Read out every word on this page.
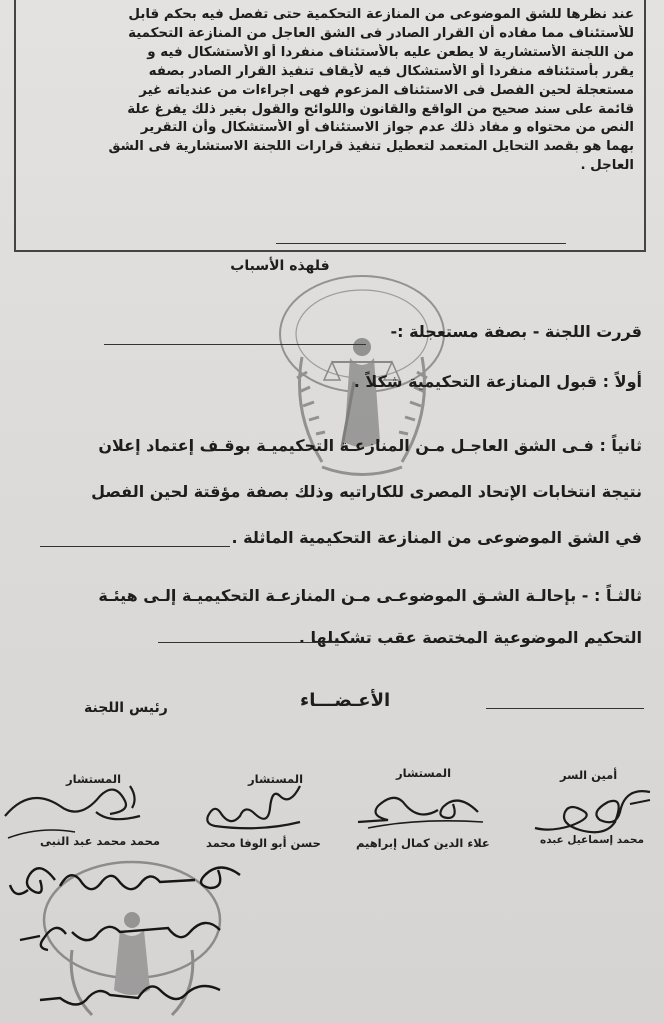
عند نظرها للشق الموضوعى من المنازعة التحكمية حتى تفصل فيه بحكم قابل
للأستئناف مما مفاده أن القرار الصادر فى الشق العاجل من المنازعة التحكمية
من اللجنة الأستشارية لا يطعن عليه بالأستئناف منفردا أو الأستشكال فيه و
يقرر بأستئنافه منفردا أو الأستشكال فيه لأيقاف تنفيذ القرار الصادر بصفه
مستعجلة لحين الفصل فى الاستئناف المزعوم فهى اجراءات من عندياته غير
قائمة على سند صحيح من الواقع والقانون واللوائح والقول بغير ذلك يفرغ علة
النص من محتواه و مفاد ذلك عدم جواز الاستئناف أو الأستشكال وأن التقرير
بهما هو بقصد التحايل المتعمد لتعطيل تنفيذ قرارات اللجنة الاستشارية فى الشق
العاجل .
فلهذه الأسباب
قررت اللجنة - بصفة مستعجلة :-
أولاً : قبول المنازعة التحكيمية شكلاً .
ثانياً : فـى الشق العاجـل مـن المنازعـة التحكيميـة بوقـف إعتماد إعلان
نتيجة انتخابات الإتحاد المصرى للكاراتيه وذلك بصفة مؤقتة لحين الفصل
في الشق الموضوعى من المنازعة التحكيمية الماثلة .
ثالثـاً : - بإحالـة الشـق الموضوعـى مـن المنازعـة التحكيميـة إلـى هيئـة
التحكيم الموضوعية المختصة عقب تشكيلها .
الأعـضـــاء
رئيس اللجنة
أمين السر
المستشار
المستشار
المستشار
محمد إسماعيل عبده
علاء الدين كمال إبراهيم
حسن أبو الوفا محمد
محمد محمد عبد النبى
